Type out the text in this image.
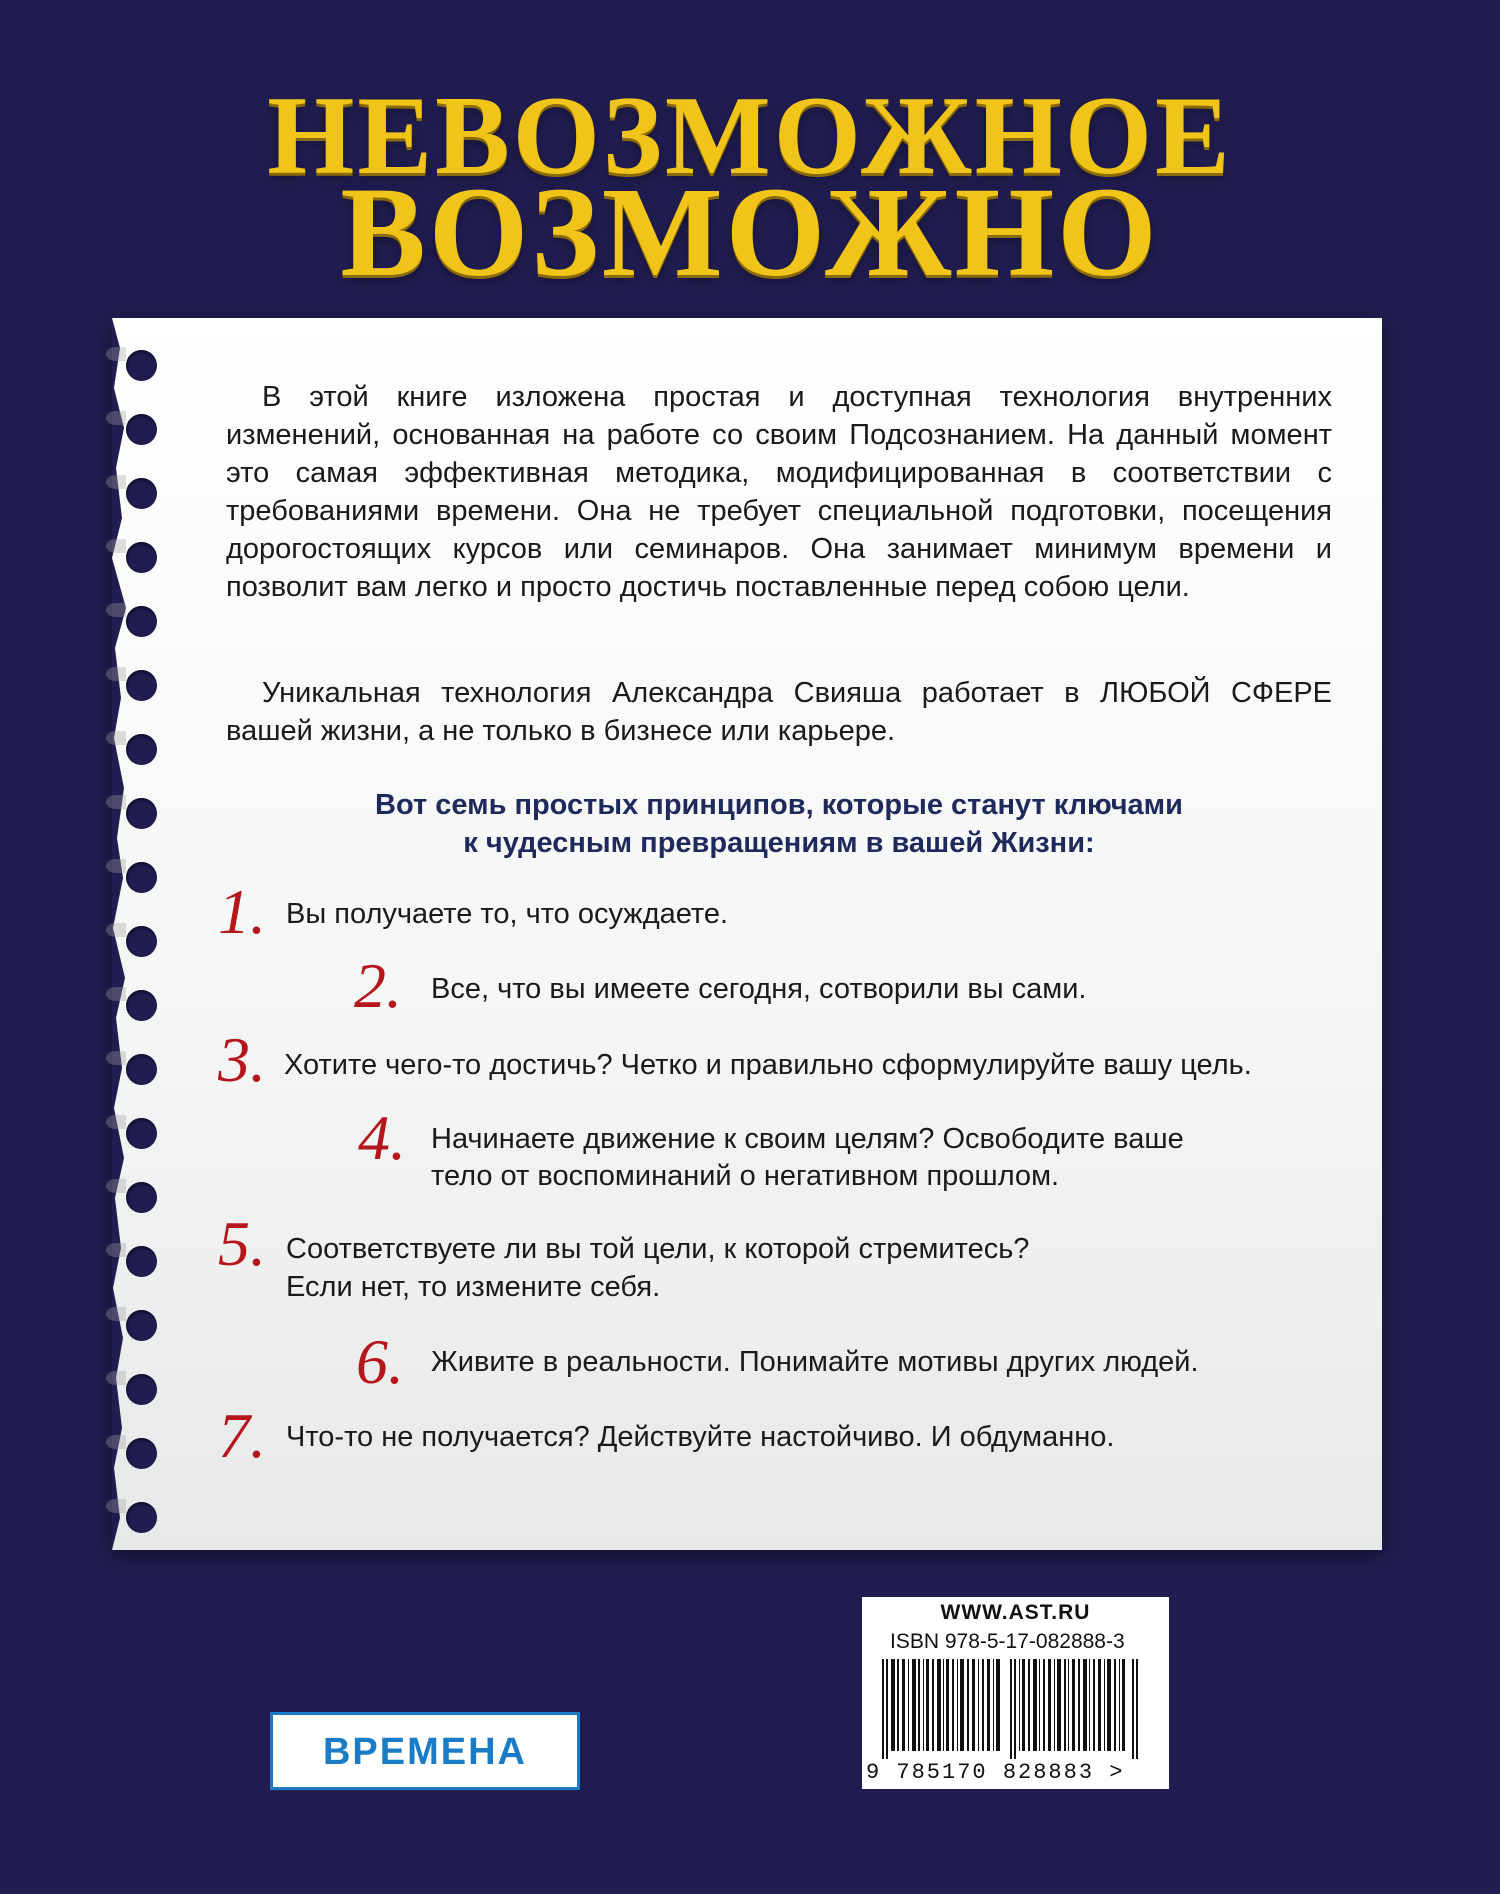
НЕВОЗМОЖНОЕ
ВОЗМОЖНО

В этой книге изложена простая и доступная технология внутренних изменений, основанная на работе со своим Подсознанием. На данный момент это самая эффективная методика, модифицированная в соответствии с требованиями времени. Она не требует специальной подготовки, посещения дорогостоящих курсов или семинаров. Она занимает минимум времени и позволит вам легко и просто достичь поставленные перед собою цели.

Уникальная технология Александра Свияша работает в ЛЮБОЙ СФЕРЕ вашей жизни, а не только в бизнесе или карьере.

Вот семь простых принципов, которые станут ключами
к чудесным превращениям в вашей Жизни:
1. Вы получаете то, что осуждаете.
2. Все, что вы имеете сегодня, сотворили вы сами.
3. Хотите чего-то достичь? Четко и правильно сформулируйте вашу цель.
4. Начинаете движение к своим целям? Освободите ваше
тело от воспоминаний о негативном прошлом.
5. Соответствуете ли вы той цели, к которой стремитесь?
Если нет, то измените себя.
6. Живите в реальности. Понимайте мотивы других людей.
7. Что-то не получается? Действуйте настойчиво. И обдуманно.
WWW.AST.RU
ISBN 978-5-17-082888-3
9 785170 828883 >
ВРЕМЕНА
